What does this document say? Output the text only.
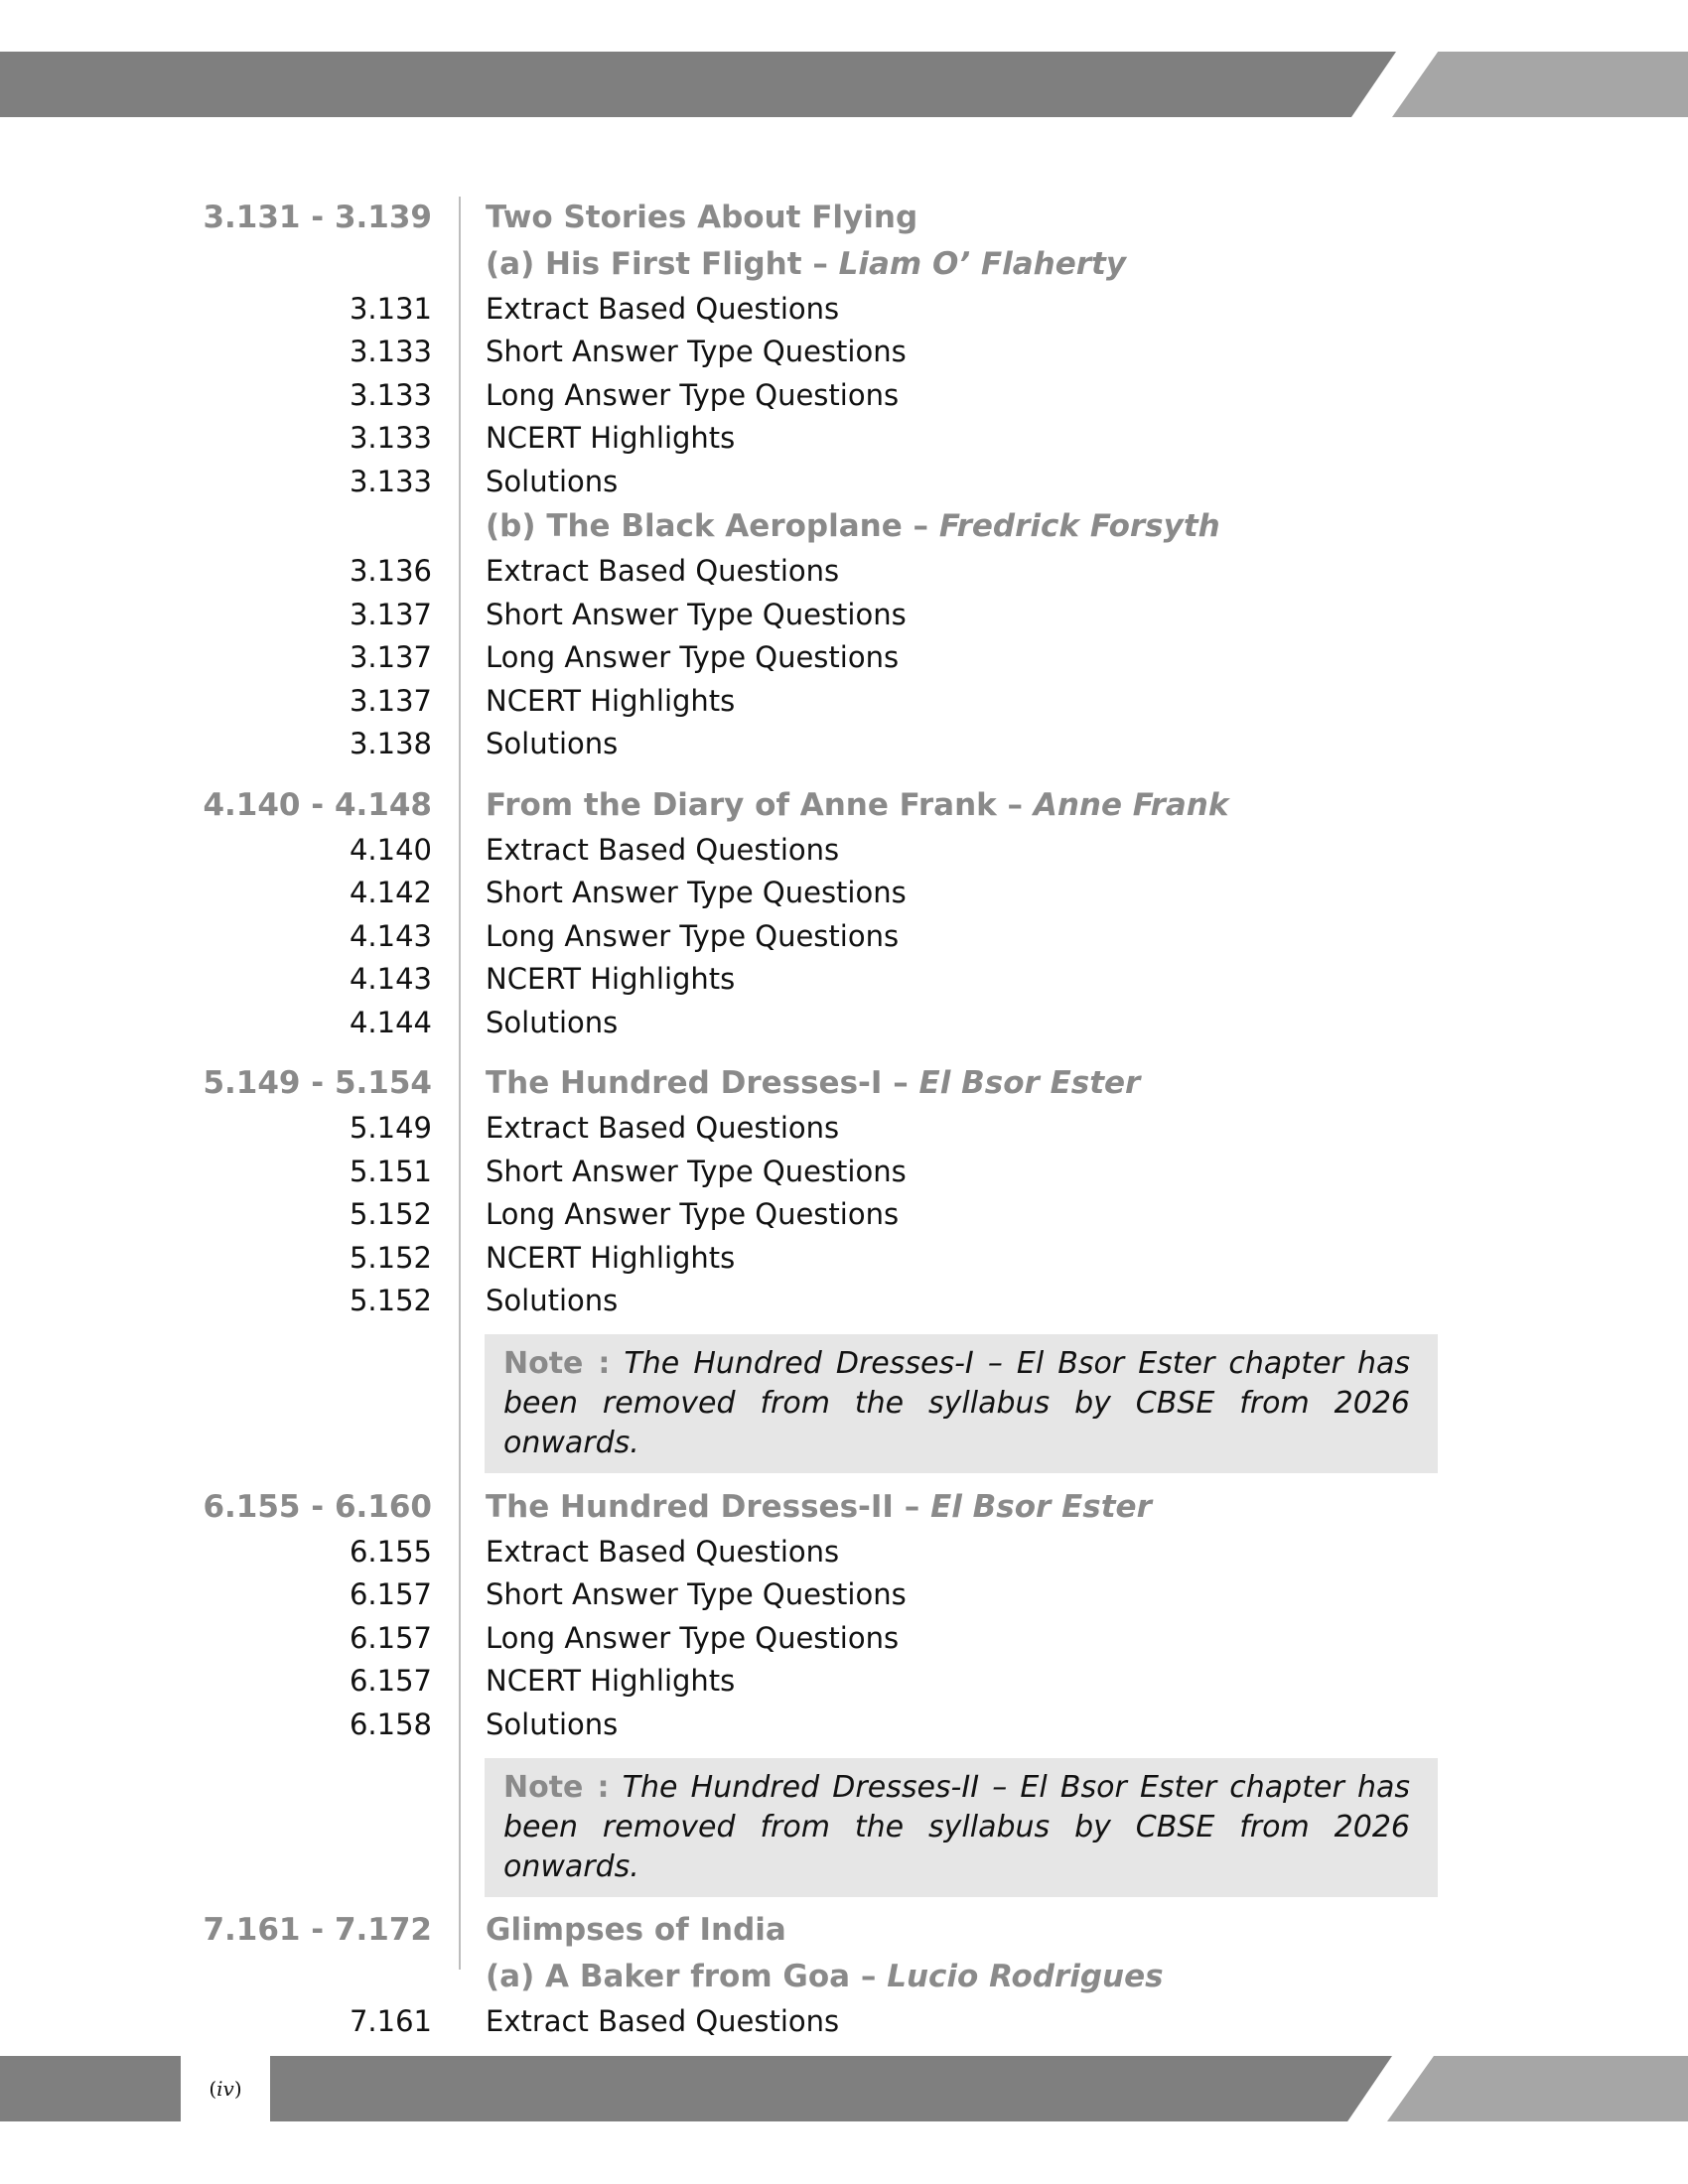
3.131 - 3.139 Two Stories About Flying
(a) His First Flight – Liam O’ Flaherty
3.131 Extract Based Questions
3.133 Short Answer Type Questions
3.133 Long Answer Type Questions
3.133 NCERT Highlights
3.133 Solutions
(b) The Black Aeroplane – Fredrick Forsyth
3.136 Extract Based Questions
3.137 Short Answer Type Questions
3.137 Long Answer Type Questions
3.137 NCERT Highlights
3.138 Solutions
4.140 - 4.148 From the Diary of Anne Frank – Anne Frank
4.140 Extract Based Questions
4.142 Short Answer Type Questions
4.143 Long Answer Type Questions
4.143 NCERT Highlights
4.144 Solutions
5.149 - 5.154 The Hundred Dresses-I – El Bsor Ester
5.149 Extract Based Questions
5.151 Short Answer Type Questions
5.152 Long Answer Type Questions
5.152 NCERT Highlights
5.152 Solutions
Note : The Hundred Dresses-I – El Bsor Ester chapter has been removed from the syllabus by CBSE from 2026 onwards.
6.155 - 6.160 The Hundred Dresses-II – El Bsor Ester
6.155 Extract Based Questions
6.157 Short Answer Type Questions
6.157 Long Answer Type Questions
6.157 NCERT Highlights
6.158 Solutions
Note : The Hundred Dresses-II – El Bsor Ester chapter has been removed from the syllabus by CBSE from 2026 onwards.
7.161 - 7.172 Glimpses of India
(a) A Baker from Goa – Lucio Rodrigues
7.161 Extract Based Questions
( iv )
